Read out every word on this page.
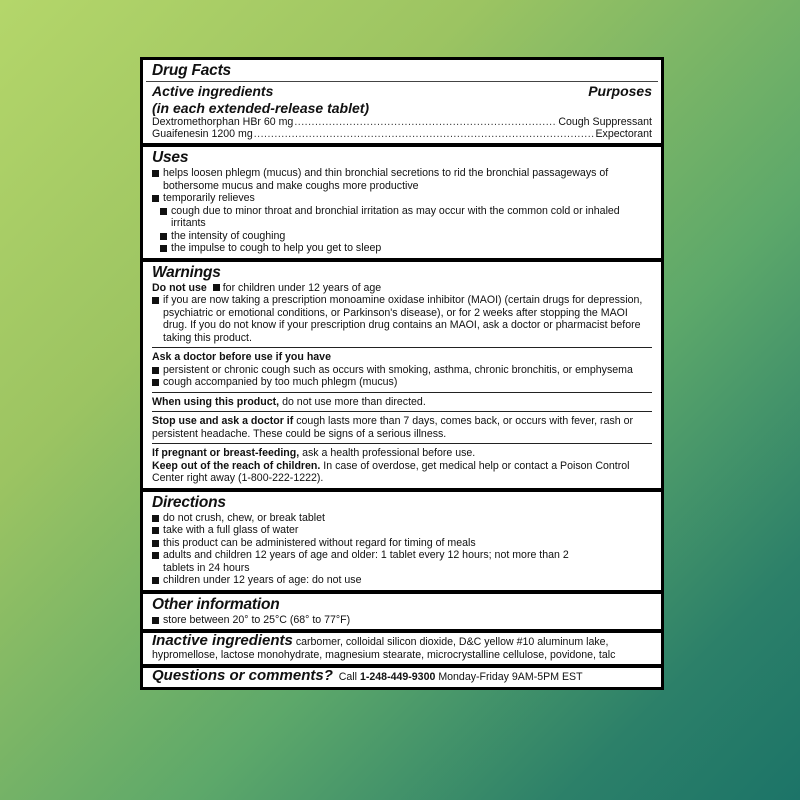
Drug Facts
Active ingredients	Purposes
(in each extended-release tablet)
Dextromethorphan HBr 60 mg .....	Cough Suppressant
Guaifenesin 1200 mg .....	Expectorant
Uses
helps loosen phlegm (mucus) and thin bronchial secretions to rid the bronchial passageways of bothersome mucus and make coughs more productive
temporarily relieves
cough due to minor throat and bronchial irritation as may occur with the common cold or inhaled irritants
the intensity of coughing
the impulse to cough to help you get to sleep
Warnings
Do not use for children under 12 years of age
if you are now taking a prescription monoamine oxidase inhibitor (MAOI) (certain drugs for depression, psychiatric or emotional conditions, or Parkinson's disease), or for 2 weeks after stopping the MAOI drug. If you do not know if your prescription drug contains an MAOI, ask a doctor or pharmacist before taking this product.
Ask a doctor before use if you have
persistent or chronic cough such as occurs with smoking, asthma, chronic bronchitis, or emphysema
cough accompanied by too much phlegm (mucus)
When using this product, do not use more than directed.
Stop use and ask a doctor if cough lasts more than 7 days, comes back, or occurs with fever, rash or persistent headache. These could be signs of a serious illness.
If pregnant or breast-feeding, ask a health professional before use.
Keep out of the reach of children. In case of overdose, get medical help or contact a Poison Control Center right away (1-800-222-1222).
Directions
do not crush, chew, or break tablet
take with a full glass of water
this product can be administered without regard for timing of meals
adults and children 12 years of age and older: 1 tablet every 12 hours; not more than 2 tablets in 24 hours
children under 12 years of age: do not use
Other information
store between 20° to 25°C (68° to 77°F)
Inactive ingredients carbomer, colloidal silicon dioxide, D&C yellow #10 aluminum lake, hypromellose, lactose monohydrate, magnesium stearate, microcrystalline cellulose, povidone, talc
Questions or comments? Call 1-248-449-9300 Monday-Friday 9AM-5PM EST
